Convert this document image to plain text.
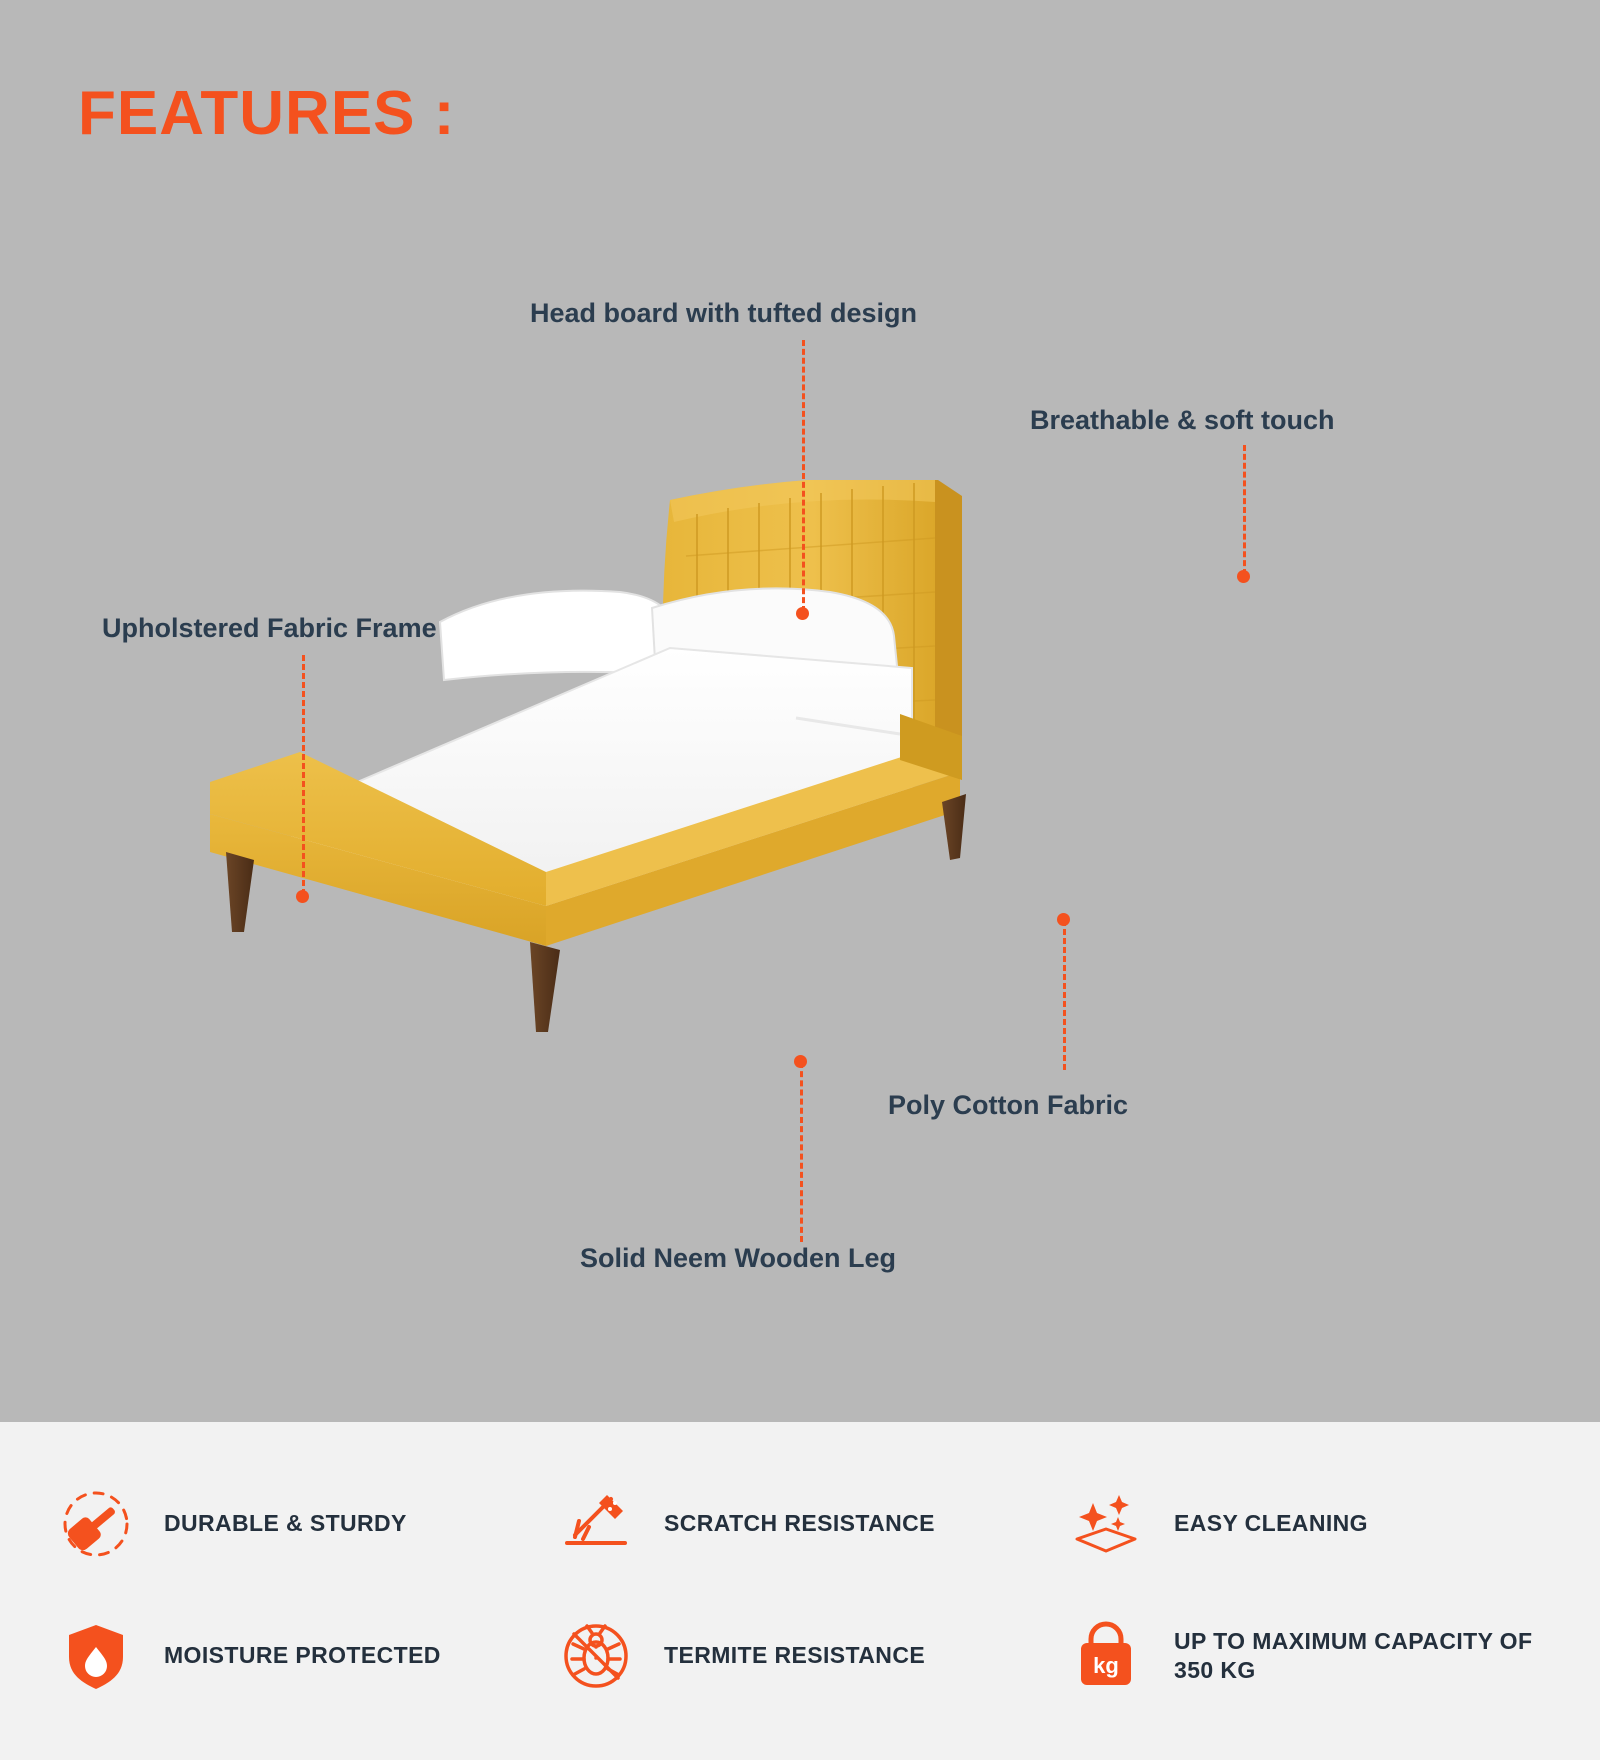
FEATURES :
Head board with tufted design
Breathable & soft touch
Upholstered Fabric Frame
Poly Cotton Fabric
Solid Neem Wooden Leg
DURABLE & STURDY	SCRATCH RESISTANCE	EASY CLEANING
MOISTURE PROTECTED	TERMITE RESISTANCE	kg
UP TO MAXIMUM CAPACITY OF 350 KG
